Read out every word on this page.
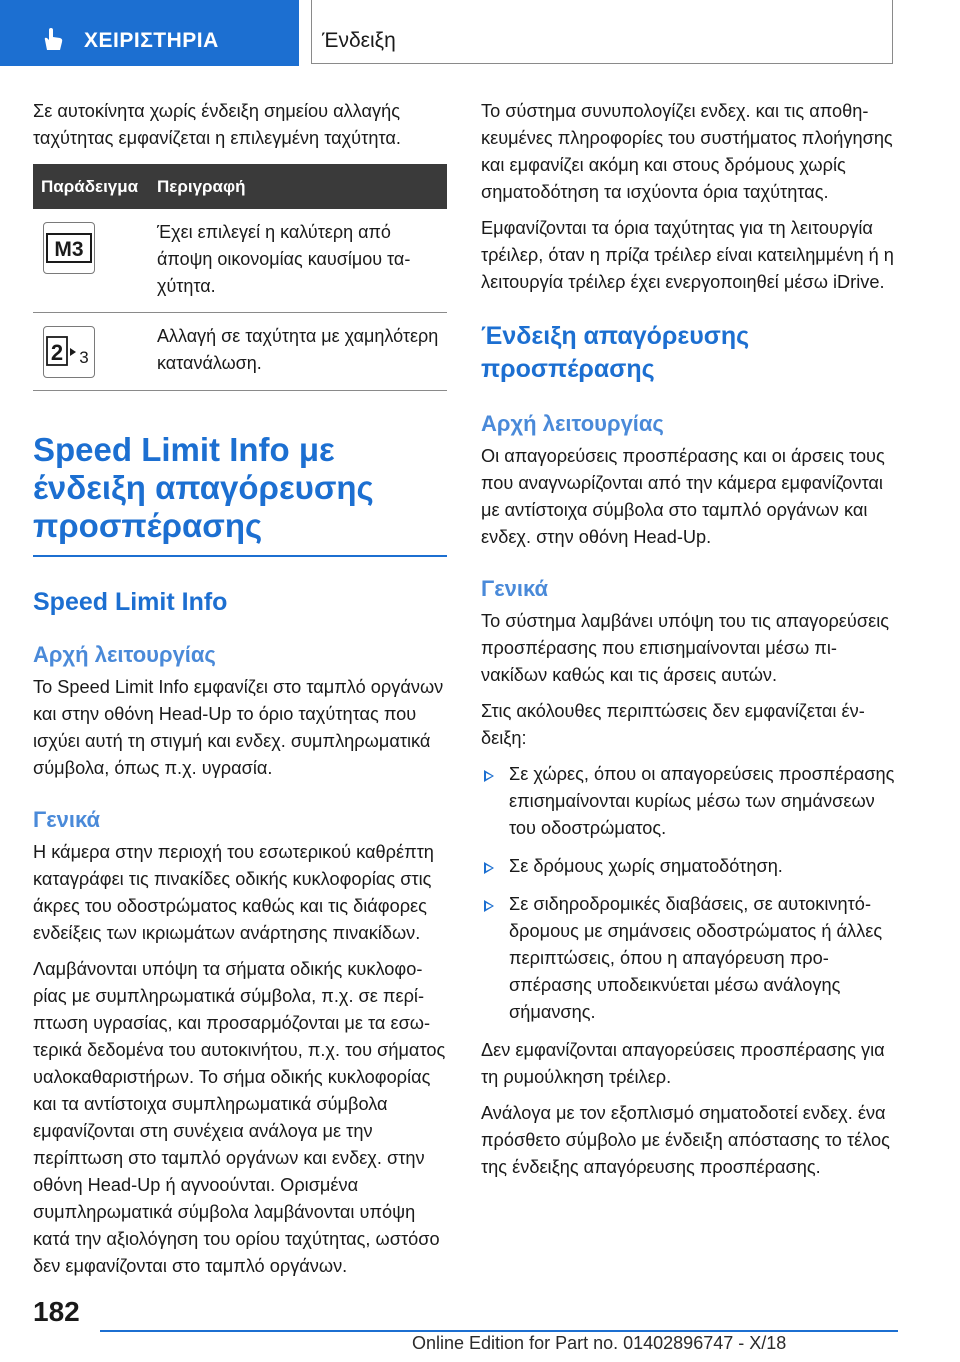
ΧΕΙΡΙΣΤΗΡΙΑ	Ένδειξη

Σε αυτοκίνητα χωρίς ένδειξη σημείου αλλαγής ταχύτητας εμφανίζεται η επιλεγμένη ταχύτητα.

Παράδειγμα	Περιγραφή

M3	Έχει επιλεγεί η καλύτερη από άποψη οικονομίας καυσίμου ταχύτητα.

2 3	Αλλαγή σε ταχύτητα με χαμηλότερη κατανάλωση.
Speed Limit Info με ένδειξη απαγόρευσης προσπέρασης
Speed Limit Info
Αρχή λειτουργίας

Το Speed Limit Info εμφανίζει στο ταμπλό οργάνων και στην οθόνη Head-Up το όριο ταχύτητας που ισχύει αυτή τη στιγμή και ενδεχ. συμπληρωματικά σύμβολα, όπως π.χ. υγρασία.

Γενικά

Η κάμερα στην περιοχή του εσωτερικού καθρέπτη καταγράφει τις πινακίδες οδικής κυκλοφορίας στις άκρες του οδοστρώματος καθώς και τις διάφορες ενδείξεις των ικριωμάτων ανάρτησης πινακίδων.

Λαμβάνονται υπόψη τα σήματα οδικής κυκλοφορίας με συμπληρωματικά σύμβολα, π.χ. σε περίπτωση υγρασίας, και προσαρμόζονται με τα εσωτερικά δεδομένα του αυτοκινήτου, π.χ. του σήματος υαλοκαθαριστήρων. Το σήμα οδικής κυκλοφορίας και τα αντίστοιχα συμπληρωματικά σύμβολα εμφανίζονται στη συνέχεια ανάλογα με την περίπτωση στο ταμπλό οργάνων και ενδεχ. στην οθόνη Head-Up ή αγνοούνται. Ορισμένα συμπληρωματικά σύμβολα λαμβάνονται υπόψη κατά την αξιολόγηση του ορίου ταχύτητας, ωστόσο δεν εμφανίζονται στο ταμπλό οργάνων.

Το σύστημα συνυπολογίζει ενδεχ. και τις αποθηκευμένες πληροφορίες του συστήματος πλοήγησης και εμφανίζει ακόμη και στους δρόμους χωρίς σηματοδότηση τα ισχύοντα όρια ταχύτητας.

Εμφανίζονται τα όρια ταχύτητας για τη λειτουργία τρέιλερ, όταν η πρίζα τρέιλερ είναι κατειλημμένη ή η λειτουργία τρέιλερ έχει ενεργοποιηθεί μέσω iDrive.

Ένδειξη απαγόρευσης προσπέρασης
Αρχή λειτουργίας

Οι απαγορεύσεις προσπέρασης και οι άρσεις τους που αναγνωρίζονται από την κάμερα εμφανίζονται με αντίστοιχα σύμβολα στο ταμπλό οργάνων και ενδεχ. στην οθόνη Head-Up.

Γενικά

Το σύστημα λαμβάνει υπόψη του τις απαγορεύσεις προσπέρασης που επισημαίνονται μέσω πινακίδων καθώς και τις άρσεις αυτών.

Στις ακόλουθες περιπτώσεις δεν εμφανίζεται ένδειξη:

Σε χώρες, όπου οι απαγορεύσεις προσπέρασης επισημαίνονται κυρίως μέσω των σημάνσεων του οδοστρώματος.
Σε δρόμους χωρίς σηματοδότηση.
Σε σιδηροδρομικές διαβάσεις, σε αυτοκινητόδρομους με σημάνσεις οδοστρώματος ή άλλες περιπτώσεις, όπου η απαγόρευση προσπέρασης υποδεικνύεται μέσω ανάλογης σήμανσης.

Δεν εμφανίζονται απαγορεύσεις προσπέρασης για τη ρυμούλκηση τρέιλερ.

Ανάλογα με τον εξοπλισμό σηματοδοτεί ενδεχ. ένα πρόσθετο σύμβολο με ένδειξη απόστασης το τέλος της ένδειξης απαγόρευσης προσπέρασης.

182
Online Edition for Part no. 01402896747 - X/18
